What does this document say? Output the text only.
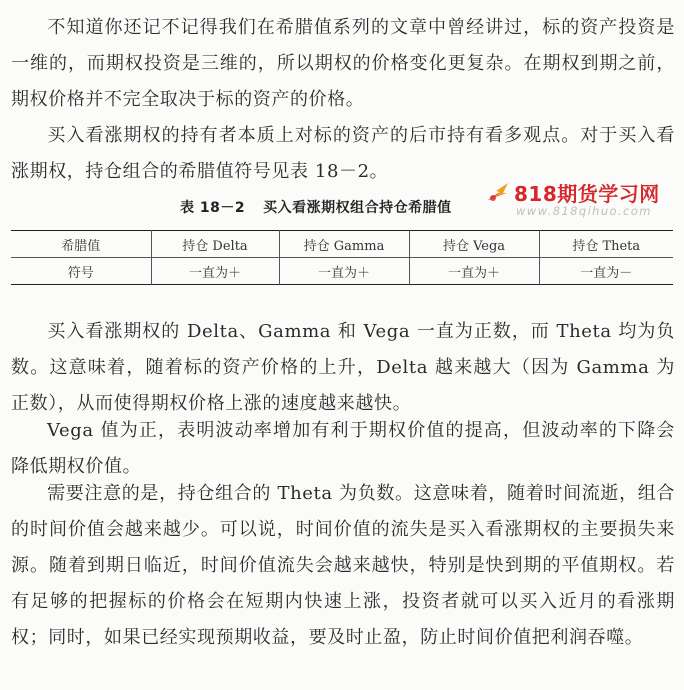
不知道你还记不记得我们在希腊值系列的文章中曾经讲过，标的资产投资是一维的，而期权投资是三维的，所以期权的价格变化更复杂。在期权到期之前，期权价格并不完全取决于标的资产的价格。

买入看涨期权的持有者本质上对标的资产的后市持有看多观点。对于买入看涨期权，持仓组合的希腊值符号见表 18－2。

表 18－2 买入看涨期权组合持仓希腊值
818期货学习网
www.818qihuo.com
希腊值	持仓 Delta	持仓 Gamma	持仓 Vega	持仓 Theta
符号	一直为＋	一直为＋	一直为＋	一直为－

买入看涨期权的 Delta、Gamma 和 Vega 一直为正数，而 Theta 均为负数。这意味着，随着标的资产价格的上升，Delta 越来越大（因为 Gamma 为正数），从而使得期权价格上涨的速度越来越快。

Vega 值为正，表明波动率增加有利于期权价值的提高，但波动率的下降会降低期权价值。

需要注意的是，持仓组合的 Theta 为负数。这意味着，随着时间流逝，组合的时间价值会越来越少。可以说，时间价值的流失是买入看涨期权的主要损失来源。随着到期日临近，时间价值流失会越来越快，特别是快到期的平值期权。若有足够的把握标的价格会在短期内快速上涨，投资者就可以买入近月的看涨期权；同时，如果已经实现预期收益，要及时止盈，防止时间价值把利润吞噬。
